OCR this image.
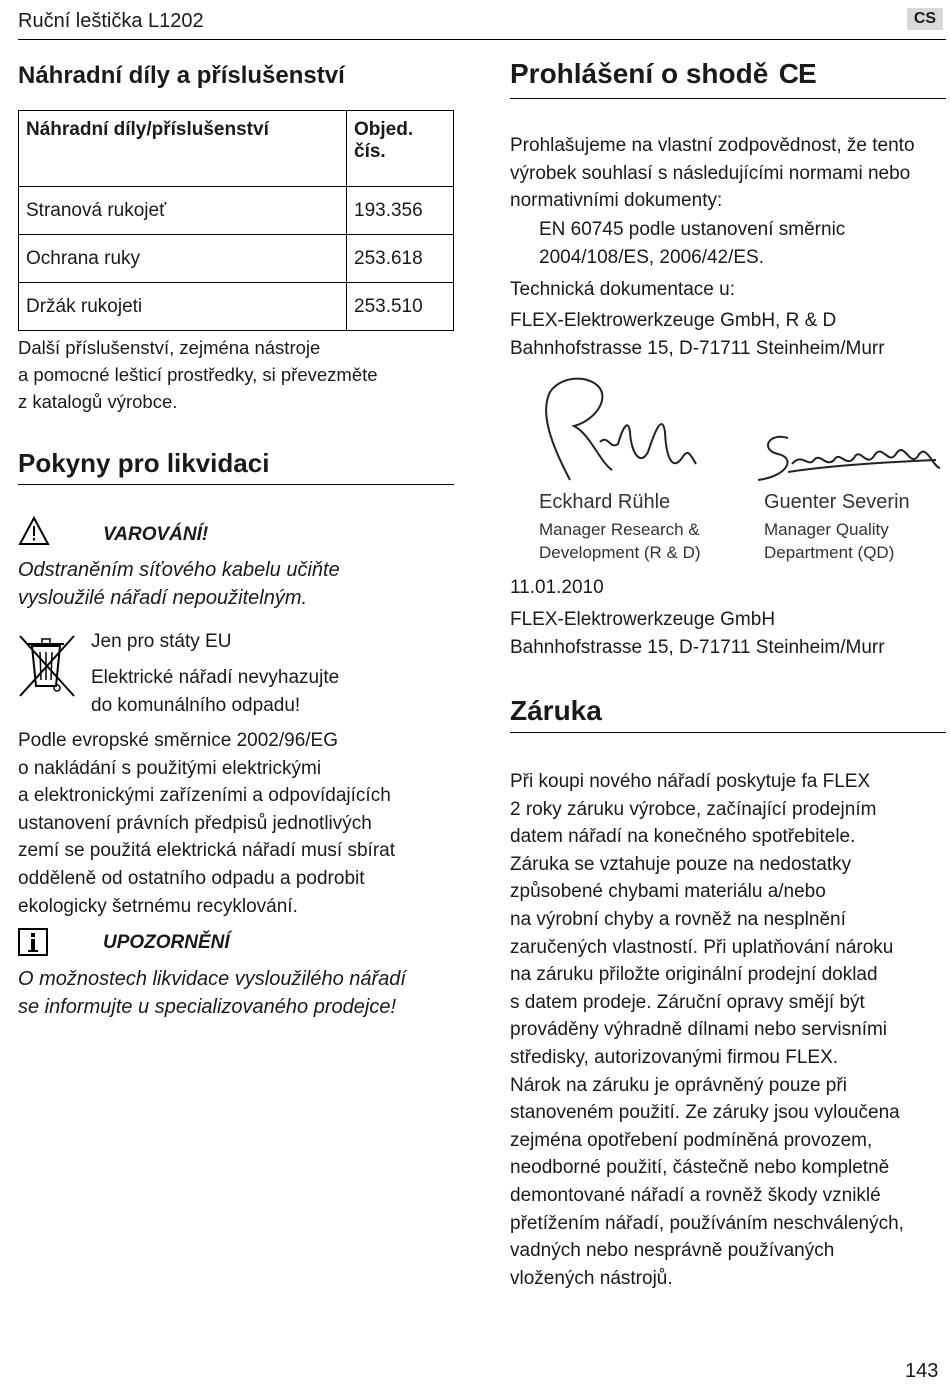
Ruční leštička L1202	CS
Náhradní díly a příslušenství
Náhradní díly/příslušenství	Objed.
čís.

Stranová rukojeť	193.356
Ochrana ruky	253.618
Držák rukojeti	253.510

Další příslušenství, zejména nástroje

a pomocné lešticí prostředky, si převezměte

z katalogů výrobce.

Pokyny pro likvidaci
VAROVÁNÍ!

Odstraněním síťového kabelu učiňte

vysloužilé nářadí nepoužitelným.

Jen pro státy EU

Elektrické nářadí nevyhazujte

do komunálního odpadu!

Podle evropské směrnice 2002/96/EG

o nakládání s použitými elektrickými

a elektronickými zařízeními a odpovídajících

ustanovení právních předpisů jednotlivých

zemí se použitá elektrická nářadí musí sbírat

odděleně od ostatního odpadu a podrobit

ekologicky šetrnému recyklování.

UPOZORNĚNÍ

O možnostech likvidace vysloužilého nářadí

se informujte u specializovaného prodejce!

Prohlášení o shodě CE

Prohlašujeme na vlastní zodpovědnost, že tento

výrobek souhlasí s následujícími normami nebo

normativními dokumenty:

EN 60745 podle ustanovení směrnic

2004/108/ES, 2006/42/ES.

Technická dokumentace u:

FLEX-Elektrowerkzeuge GmbH, R & D

Bahnhofstrasse 15, D-71711 Steinheim/Murr

Eckhard Rühle

Manager Research &

Development (R & D)

Guenter Severin

Manager Quality

Department (QD)

11.01.2010

FLEX-Elektrowerkzeuge GmbH

Bahnhofstrasse 15, D-71711 Steinheim/Murr

Záruka

Při koupi nového nářadí poskytuje fa FLEX

2 roky záruku výrobce, začínající prodejním

datem nářadí na konečného spotřebitele.

Záruka se vztahuje pouze na nedostatky

způsobené chybami materiálu a/nebo

na výrobní chyby a rovněž na nesplnění

zaručených vlastností. Při uplatňování nároku

na záruku přiložte originální prodejní doklad

s datem prodeje. Záruční opravy smějí být

prováděny výhradně dílnami nebo servisními

středisky, autorizovanými firmou FLEX.

Nárok na záruku je oprávněný pouze při

stanoveném použití. Ze záruky jsou vyloučena

zejména opotřebení podmíněná provozem,

neodborné použití, částečně nebo kompletně

demontované nářadí a rovněž škody vzniklé

přetížením nářadí, používáním neschválených,

vadných nebo nesprávně používaných

vložených nástrojů.

143
